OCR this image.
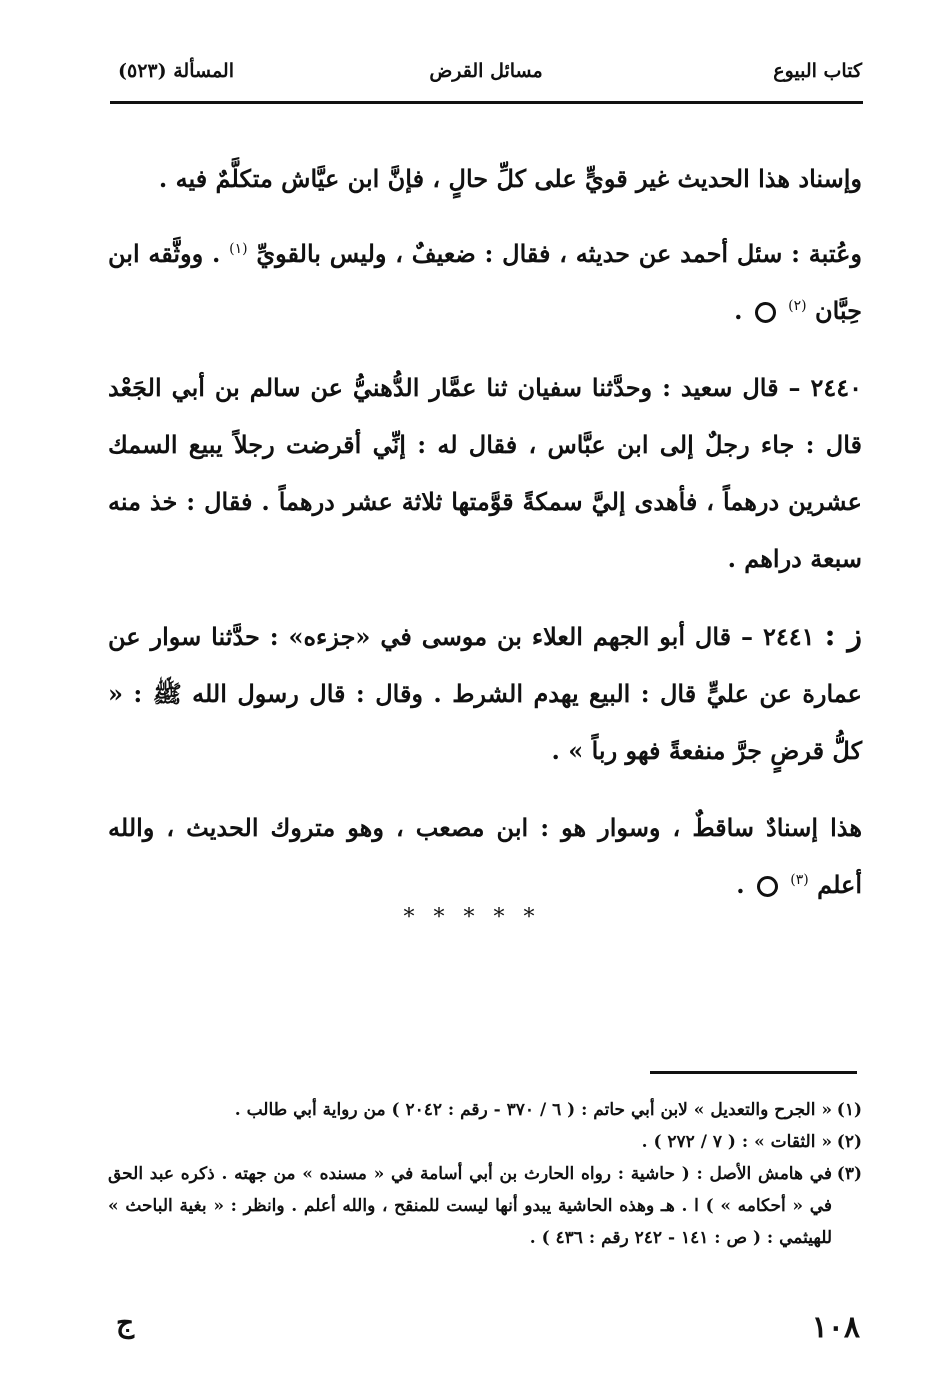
كتاب البيوع
مسائل القرض
المسألة (٥٢٣)

وإسناد هذا الحديث غير قويٍّ على كلِّ حالٍ ، فإنَّ ابن عيَّاش متكلَّمٌ فيه .

وعُتبة : سئل أحمد عن حديثه ، فقال : ضعيفٌ ، وليس بالقويِّ $^{(١)}$ . ووثَّقه ابن حِبَّان $^{(٢)}$  .

٢٤٤٠ – قال سعيد : وحدَّثنا سفيان ثنا عمَّار الدُّهنيُّ عن سالم بن أبي الجَعْد قال : جاء رجلٌ إلى ابن عبَّاس ، فقال له : إنِّي أقرضت رجلاً يبيع السمك عشرين درهماً ، فأهدى إليَّ سمكةً قوَّمتها ثلاثة عشر درهماً . فقال : خذ منه سبعة دراهم .

ز : ٢٤٤١ – قال أبو الجهم العلاء بن موسى في «جزءه» : حدَّثنا سوار عن عمارة عن عليٍّ قال : البيع يهدم الشرط . وقال : قال رسول الله ﷺ : « كلُّ قرضٍ جرَّ منفعةً فهو رباً » .

هذا إسنادٌ ساقطٌ ، وسوار هو : ابن مصعب ، وهو متروك الحديث ، والله أعلم $^{(٣)}$  .

* * * * *

(١)
« الجرح والتعديل » لابن أبي حاتم : ( ٦ / ٣٧٠ - رقم : ٢٠٤٢ ) من رواية أبي طالب .

(٢)
« الثقات » : ( ٧ / ٢٧٢ ) .

(٣)
في هامش الأصل : ( حاشية : رواه الحارث بن أبي أسامة في « مسنده » من جهته . ذكره عبد الحق في « أحكامه » ) ا . هـ وهذه الحاشية يبدو أنها ليست للمنقح ، والله أعلم . وانظر : « بغية الباحث » للهيثمي : ( ص : ١٤١ - ٢٤٢ رقم : ٤٣٦ ) .

١٠٨
ج
